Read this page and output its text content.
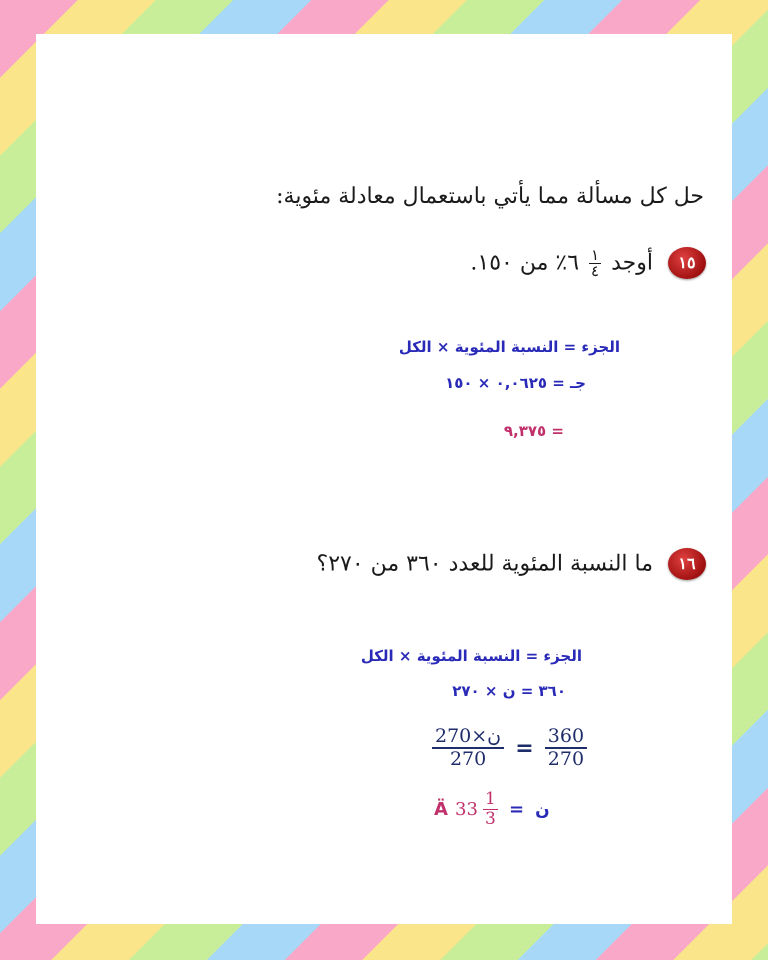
حل كل مسألة مما يأتي باستعمال معادلة مئوية:
١٥ أوجد
$\frac{١}{٤}$
٦٪ من ١٥٠.
الجزء = النسبة المئوية × الكل
جـ = ٠,٠٦٢٥ × ١٥٠
= ٩,٣٧٥
١٦ ما النسبة المئوية للعدد ٣٦٠ من ٢٧٠؟
الجزء = النسبة المئوية × الكل
٣٦٠ = ن × ٢٧٠
$\frac{\text{ن×270}}{270} = \frac{360}{270}$
Ä $33 \frac{1}{3}$ = ن
